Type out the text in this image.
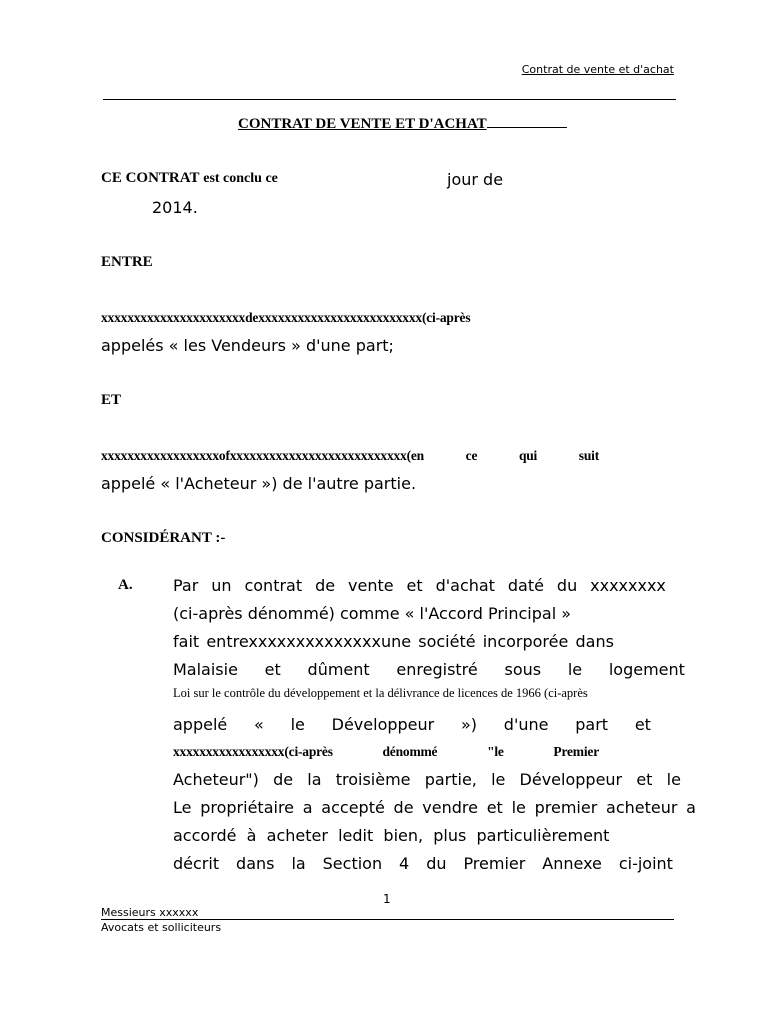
Contrat de vente et d'achat
CONTRAT DE VENTE ET D'ACHAT
CE CONTRAT est conclu ce	jour de
2014.
ENTRE
xxxxxxxxxxxxxxxxxxxxxxdexxxxxxxxxxxxxxxxxxxxxxxxx(ci-après
appelés « les Vendeurs » d'une part;
ET
xxxxxxxxxxxxxxxxxxofxxxxxxxxxxxxxxxxxxxxxxxxxxx(en	ce	qui	suit
appelé « l'Acheteur ») de l'autre partie.
CONSIDÉRANT :-
A.	Par un contrat de vente et d'achat daté du xxxxxxxx
(ci-après dénommé) comme « l'Accord Principal »
fait entrexxxxxxxxxxxxxxune société incorporée dans
Malaisie et dûment enregistré sous le logement
Loi sur le contrôle du développement et la délivrance de licences de 1966 (ci-après
appelé « le Développeur ») d'une part et
xxxxxxxxxxxxxxxxx(ci-après	dénommé	"le	Premier
Acheteur") de la troisième partie, le Développeur et le
Le propriétaire a accepté de vendre et le premier acheteur a
accordé  à  acheter  ledit  bien,  plus  particulièrement
décrit dans la Section 4 du Premier Annexe ci-joint
1
Messieurs xxxxxx
Avocats et solliciteurs
